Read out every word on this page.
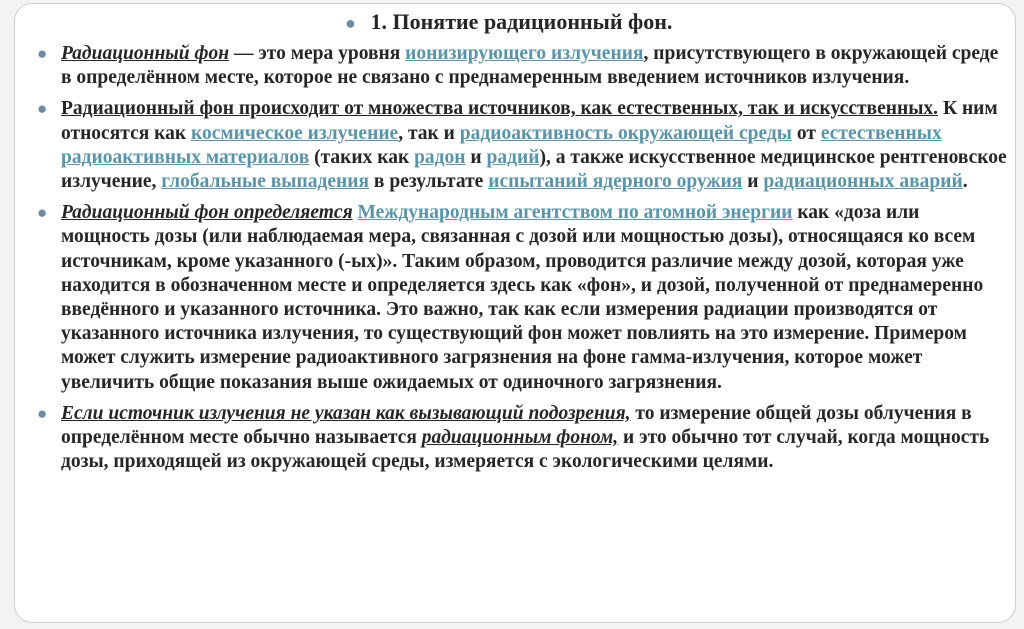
● 1. Понятие радиционный фон.
● Радиационный фон — это мера уровня ионизирующего излучения, присутствующего в окружающей среде в определённом месте, которое не связано с преднамеренным введением источников излучения.
● Радиационный фон происходит от множества источников, как естественных, так и искусственных. К ним относятся как космическое излучение, так и радиоактивность окружающей среды от естественных радиоактивных материалов (таких как радон и радий), а также искусственное медицинское рентгеновское излучение, глобальные выпадения в результате испытаний ядерного оружия и радиационных аварий.
● Радиационный фон определяется Международным агентством по атомной энергии как «доза или мощность дозы (или наблюдаемая мера, связанная с дозой или мощностью дозы), относящаяся ко всем источникам, кроме указанного (-ых)». Таким образом, проводится различие между дозой, которая уже находится в обозначенном месте и определяется здесь как «фон», и дозой, полученной от преднамеренно введённого и указанного источника. Это важно, так как если измерения радиации производятся от указанного источника излучения, то существующий фон может повлиять на это измерение. Примером может служить измерение радиоактивного загрязнения на фоне гамма-излучения, которое может увеличить общие показания выше ожидаемых от одиночного загрязнения.
● Если источник излучения не указан как вызывающий подозрения, то измерение общей дозы облучения в определённом месте обычно называется радиационным фоном, и это обычно тот случай, когда мощность дозы, приходящей из окружающей среды, измеряется с экологическими целями.
